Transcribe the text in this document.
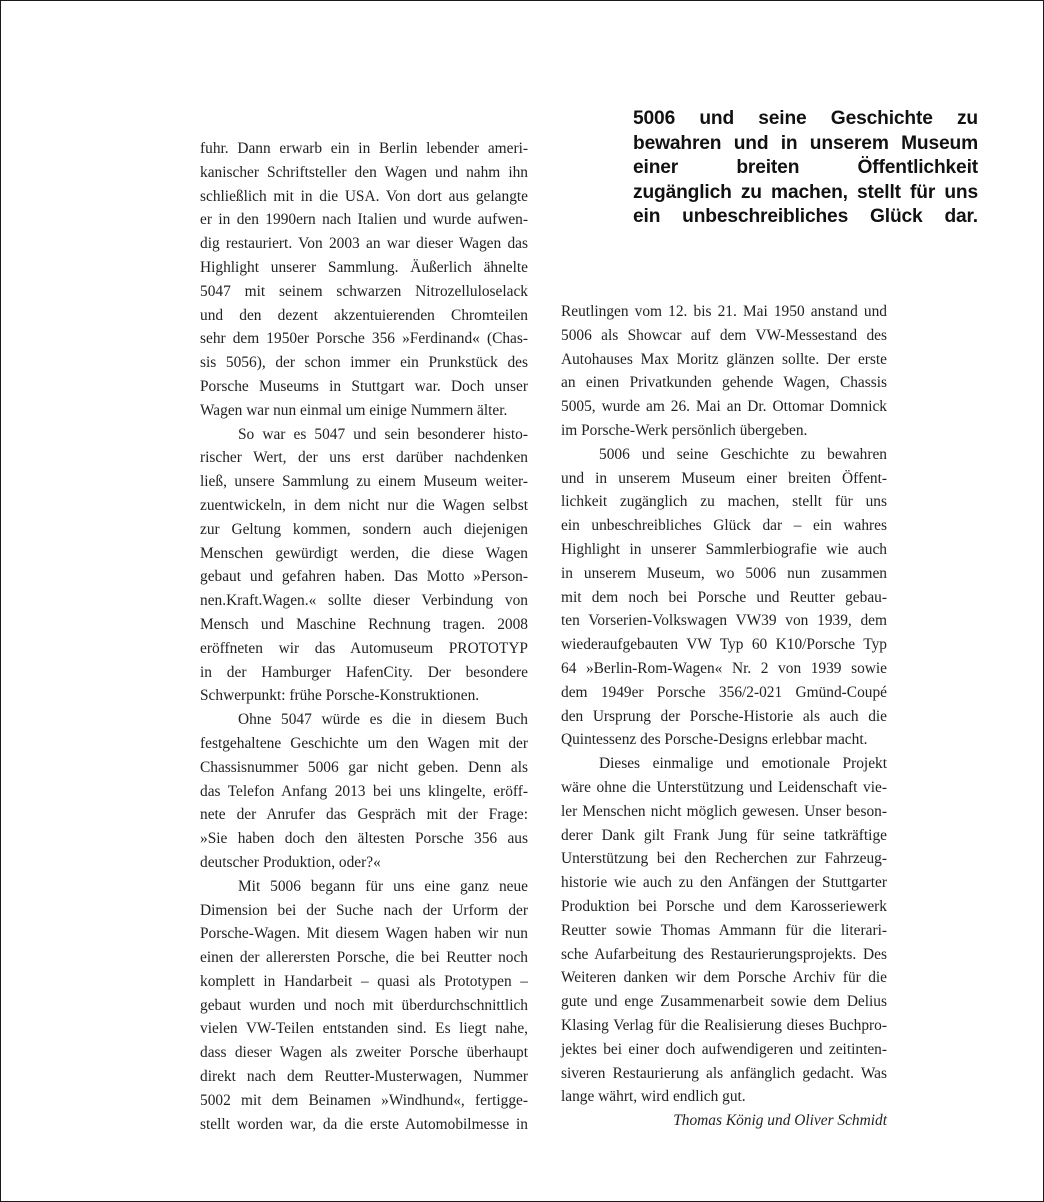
5006 und seine Geschichte zu
bewahren und in unserem Museum
einer breiten Öffentlichkeit
zugänglich zu machen, stellt für uns
ein unbeschreibliches Glück dar.
fuhr. Dann erwarb ein in Berlin lebender ameri-
kanischer Schriftsteller den Wagen und nahm ihn
schließlich mit in die USA. Von dort aus gelangte
er in den 1990ern nach Italien und wurde aufwen-
dig restauriert. Von 2003 an war dieser Wagen das
Highlight unserer Sammlung. Äußerlich ähnelte
5047 mit seinem schwarzen Nitrozelluloselack
und den dezent akzentuierenden Chromteilen
sehr dem 1950er Porsche 356 »Ferdinand« (Chas-
sis 5056), der schon immer ein Prunkstück des
Porsche Museums in Stuttgart war. Doch unser
Wagen war nun einmal um einige Nummern älter.
So war es 5047 und sein besonderer histo-
rischer Wert, der uns erst darüber nachdenken
ließ, unsere Sammlung zu einem Museum weiter-
zuentwickeln, in dem nicht nur die Wagen selbst
zur Geltung kommen, sondern auch diejenigen
Menschen gewürdigt werden, die diese Wagen
gebaut und gefahren haben. Das Motto »Person-
nen.Kraft.Wagen.« sollte dieser Verbindung von
Mensch und Maschine Rechnung tragen. 2008
eröffneten wir das Automuseum PROTOTYP
in der Hamburger HafenCity. Der besondere
Schwerpunkt: frühe Porsche-Konstruktionen.
Ohne 5047 würde es die in diesem Buch
festgehaltene Geschichte um den Wagen mit der
Chassisnummer 5006 gar nicht geben. Denn als
das Telefon Anfang 2013 bei uns klingelte, eröff-
nete der Anrufer das Gespräch mit der Frage:
»Sie haben doch den ältesten Porsche 356 aus
deutscher Produktion, oder?«
Mit 5006 begann für uns eine ganz neue
Dimension bei der Suche nach der Urform der
Porsche-Wagen. Mit diesem Wagen haben wir nun
einen der allerersten Porsche, die bei Reutter noch
komplett in Handarbeit – quasi als Prototypen –
gebaut wurden und noch mit überdurchschnittlich
vielen VW-Teilen entstanden sind. Es liegt nahe,
dass dieser Wagen als zweiter Porsche überhaupt
direkt nach dem Reutter-Musterwagen, Nummer
5002 mit dem Beinamen »Windhund«, fertigge-
stellt worden war, da die erste Automobilmesse in
Reutlingen vom 12. bis 21. Mai 1950 anstand und
5006 als Showcar auf dem VW-Messestand des
Autohauses Max Moritz glänzen sollte. Der erste
an einen Privatkunden gehende Wagen, Chassis
5005, wurde am 26. Mai an Dr. Ottomar Domnick
im Porsche-Werk persönlich übergeben.
5006 und seine Geschichte zu bewahren
und in unserem Museum einer breiten Öffent-
lichkeit zugänglich zu machen, stellt für uns
ein unbeschreibliches Glück dar – ein wahres
Highlight in unserer Sammlerbiografie wie auch
in unserem Museum, wo 5006 nun zusammen
mit dem noch bei Porsche und Reutter gebau-
ten Vorserien-Volkswagen VW39 von 1939, dem
wiederaufgebauten VW Typ 60 K10/Porsche Typ
64 »Berlin-Rom-Wagen« Nr. 2 von 1939 sowie
dem 1949er Porsche 356/2-021 Gmünd-Coupé
den Ursprung der Porsche-Historie als auch die
Quintessenz des Porsche-Designs erlebbar macht.
Dieses einmalige und emotionale Projekt
wäre ohne die Unterstützung und Leidenschaft vie-
ler Menschen nicht möglich gewesen. Unser beson-
derer Dank gilt Frank Jung für seine tatkräftige
Unterstützung bei den Recherchen zur Fahrzeug-
historie wie auch zu den Anfängen der Stuttgarter
Produktion bei Porsche und dem Karosseriewerk
Reutter sowie Thomas Ammann für die literari-
sche Aufarbeitung des Restaurierungsprojekts. Des
Weiteren danken wir dem Porsche Archiv für die
gute und enge Zusammenarbeit sowie dem Delius
Klasing Verlag für die Realisierung dieses Buchpro-
jektes bei einer doch aufwendigeren und zeitinten-
siveren Restaurierung als anfänglich gedacht. Was
lange währt, wird endlich gut.
Thomas König und Oliver Schmidt
